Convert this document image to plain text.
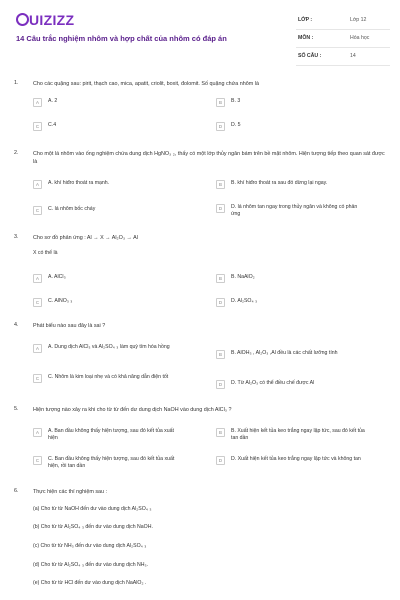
UIZIZZ
14 Câu trắc nghiệm nhôm và hợp chất của nhôm có đáp án
LỚP :	Lớp 12
MÔN :	Hóa học
SỐ CÂU :	14
1.	Cho các quặng sau: pirit, thạch cao, mica, apatit, criolit, boxit, đolomit. Số quặng chứa nhôm là
A	A. 2	B	B. 3
C	C.4	D	D. 5
2.	Cho một lá nhôm vào ống nghiệm chứa dung dịch HgNO₃ ₂, thấy có một lớp thủy ngân bám trên bề mặt nhôm. Hiện tượng tiếp theo quan sát được là
A	A. khí hiđro thoát ra mạnh.	B	B. khí hiđro thoát ra sau đó dừng lại ngay.
C	C. lá nhôm bốc cháy	D	D. lá nhôm tan ngay trong thủy ngân và không có phản ứng
3.	Cho sơ đồ phản ứng : Al → X → Al₂O₃ → Al
X có thể là
A	A. AlCl₃	B	B. NaAlO₂
C	C. AlNO₃ ₃	D	D. Al₂SO₄ ₃
4.	Phát biểu nào sau đây là sai ?
A	A. Dung dịch AlCl₃ và Al₂SO₄ ₃ làm quỳ tím hóa hồng
B	B. AlOH₃ , Al₂O₃ ,Al đều là các chất lưỡng tính
C	C. Nhôm là kim loại nhẹ và có khả năng dẫn điện tốt
D	D. Từ Al₂O₃ có thể điều chế được Al
5.	Hiện tượng nào xảy ra khi cho từ từ đến dư dung dịch NaOH vào dung dịch AlCl₃ ?
A	A. Ban đầu không thấy hiện tượng, sau đó kết tủa xuất hiện
B	B. Xuất hiện kết tủa keo trắng ngay lập tức, sau đó kết tủa tan dần
C	C. Ban đầu không thấy hiện tượng, sau đó kết tủa xuất hiện, rồi tan dần
D	D. Xuất hiện kết tủa keo trắng ngay lập tức và không tan
6.	Thực hiện các thí nghiệm sau :
(a) Cho từ từ NaOH đến dư vào dung dịch Al₂SO₄ ₃
(b) Cho từ từ Al₂SO₄ ₃ đến dư vào dung dịch NaOH.
(c) Cho từ từ NH₃ đến dư vào dung dịch Al₂SO₄ ₃
(d) Cho từ từ Al₂SO₄ ₃ đến dư vào dung dịch NH₃.
(e) Cho từ từ HCl đến dư vào dung dịch NaAlO₂ .
